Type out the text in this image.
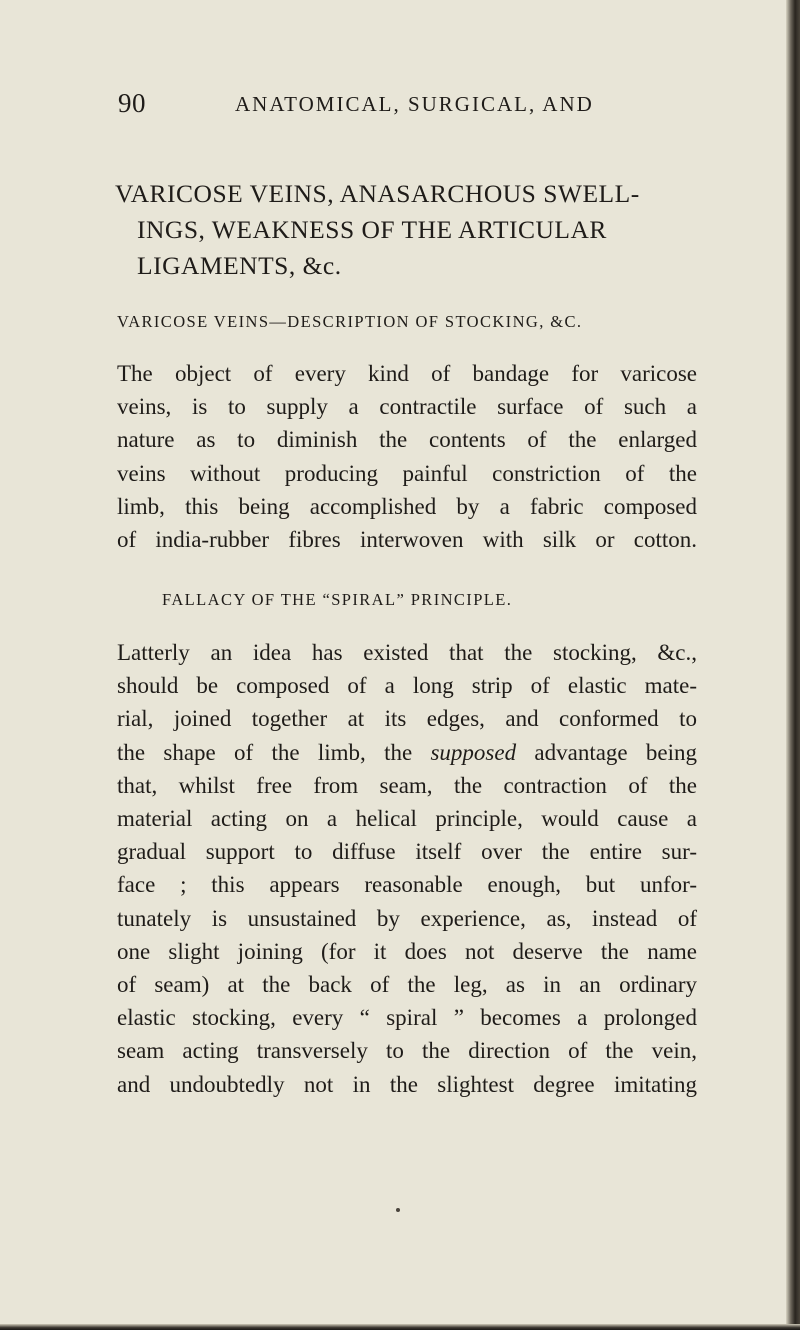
90	ANATOMICAL, SURGICAL, AND
VARICOSE VEINS, ANASARCHOUS SWELL-
INGS, WEAKNESS OF THE ARTICULAR
LIGAMENTS, &c.
VARICOSE VEINS—DESCRIPTION OF STOCKING, &C.

The object of every kind of bandage for varicose
veins, is to supply a contractile surface of such a
nature as to diminish the contents of the enlarged
veins without producing painful constriction of the
limb, this being accomplished by a fabric composed
of india-rubber fibres interwoven with silk or cotton.

FALLACY OF THE “SPIRAL” PRINCIPLE.

Latterly an idea has existed that the stocking, &c.,
should be composed of a long strip of elastic mate-
rial, joined together at its edges, and conformed to
the shape of the limb, the supposed advantage being
that, whilst free from seam, the contraction of the
material acting on a helical principle, would cause a
gradual support to diffuse itself over the entire sur-
face ; this appears reasonable enough, but unfor-
tunately is unsustained by experience, as, instead of
one slight joining (for it does not deserve the name
of seam) at the back of the leg, as in an ordinary
elastic stocking, every “ spiral ” becomes a prolonged
seam acting transversely to the direction of the vein,
and undoubtedly not in the slightest degree imitating
